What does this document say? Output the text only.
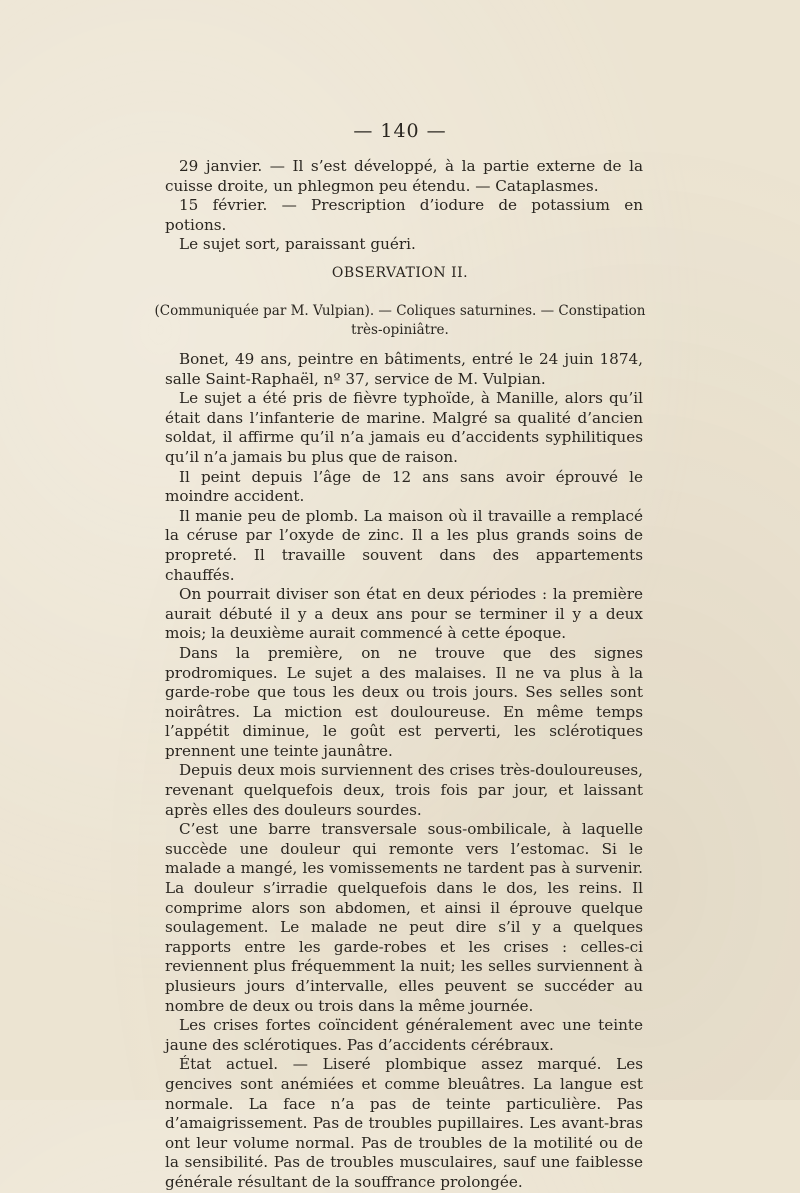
— 140 —

29 janvier. — Il s’est développé, à la partie externe de la cuisse droite, un phlegmon peu étendu. — Cataplasmes.

15 février. — Prescription d’iodure de potassium en potions.

Le sujet sort, paraissant guéri.

OBSERVATION II.
(Communiquée par M. Vulpian). — Coliques saturnines. — Constipation très-opiniâtre.

Bonet, 49 ans, peintre en bâtiments, entré le 24 juin 1874, salle Saint-Raphaël, nº 37, service de M. Vulpian.

Le sujet a été pris de fièvre typhoïde, à Manille, alors qu’il était dans l’infanterie de marine. Malgré sa qualité d’ancien soldat, il affirme qu’il n’a jamais eu d’accidents syphilitiques qu’il n’a jamais bu plus que de raison.

Il peint depuis l’âge de 12 ans sans avoir éprouvé le moindre accident.

Il manie peu de plomb. La maison où il travaille a remplacé la céruse par l’oxyde de zinc. Il a les plus grands soins de propreté. Il travaille souvent dans des appartements chauffés.

On pourrait diviser son état en deux périodes : la première aurait débuté il y a deux ans pour se terminer il y a deux mois; la deuxième aurait commencé à cette époque.

Dans la première, on ne trouve que des signes prodromiques. Le sujet a des malaises. Il ne va plus à la garde-robe que tous les deux ou trois jours. Ses selles sont noirâtres. La miction est douloureuse. En même temps l’appétit diminue, le goût est perverti, les sclérotiques prennent une teinte jaunâtre.

Depuis deux mois surviennent des crises très-douloureuses, revenant quelquefois deux, trois fois par jour, et laissant après elles des douleurs sourdes.

C’est une barre transversale sous-ombilicale, à laquelle succède une douleur qui remonte vers l’estomac. Si le malade a mangé, les vomissements ne tardent pas à survenir. La douleur s’irradie quelquefois dans le dos, les reins. Il comprime alors son abdomen, et ainsi il éprouve quelque soulagement. Le malade ne peut dire s’il y a quelques rapports entre les garde-robes et les crises : celles-ci reviennent plus fréquemment la nuit; les selles surviennent à plusieurs jours d’intervalle, elles peuvent se succéder au nombre de deux ou trois dans la même journée.

Les crises fortes coïncident généralement avec une teinte jaune des sclérotiques. Pas d’accidents cérébraux.

État actuel. — Liseré plombique assez marqué. Les gencives sont anémiées et comme bleuâtres. La langue est normale. La face n’a pas de teinte particulière. Pas d’amaigrissement. Pas de troubles pupillaires. Les avant-bras ont leur volume normal. Pas de troubles de la motilité ou de la sensibilité. Pas de troubles musculaires, sauf une faiblesse générale résultant de la souffrance prolongée.
